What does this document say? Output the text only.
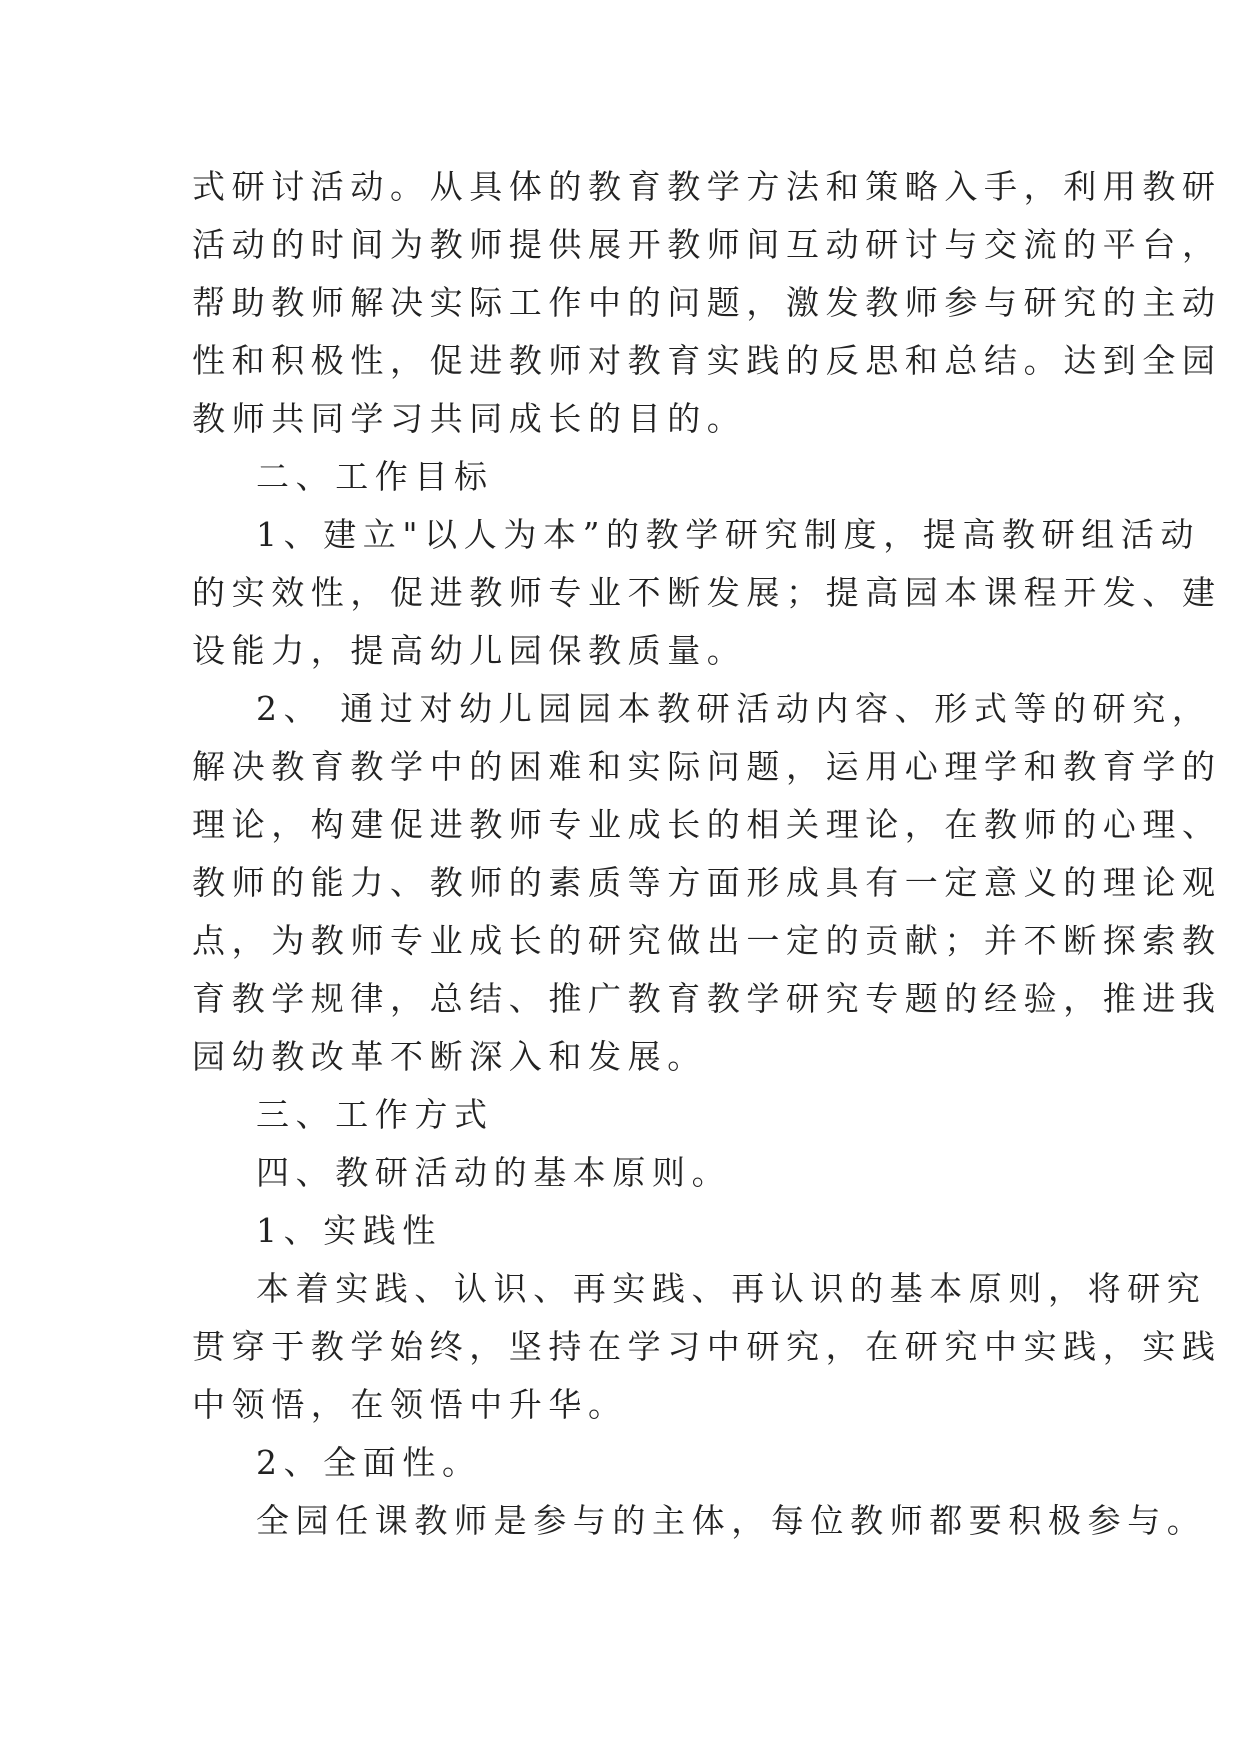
式研讨活动。从具体的教育教学方法和策略入手，利用教研

活动的时间为教师提供展开教师间互动研讨与交流的平台，

帮助教师解决实际工作中的问题，激发教师参与研究的主动

性和积极性，促进教师对教育实践的反思和总结。达到全园

教师共同学习共同成长的目的。

二、工作目标

1、建立"以人为本”的教学研究制度，提高教研组活动

的实效性，促进教师专业不断发展；提高园本课程开发、建

设能力，提高幼儿园保教质量。

2、 通过对幼儿园园本教研活动内容、形式等的研究，

解决教育教学中的困难和实际问题，运用心理学和教育学的

理论，构建促进教师专业成长的相关理论，在教师的心理、

教师的能力、教师的素质等方面形成具有一定意义的理论观

点，为教师专业成长的研究做出一定的贡献；并不断探索教

育教学规律，总结、推广教育教学研究专题的经验，推进我

园幼教改革不断深入和发展。

三、工作方式

四、教研活动的基本原则。

1、实践性

本着实践、认识、再实践、再认识的基本原则，将研究

贯穿于教学始终，坚持在学习中研究，在研究中实践，实践

中领悟，在领悟中升华。

2、全面性。

全园任课教师是参与的主体，每位教师都要积极参与。
